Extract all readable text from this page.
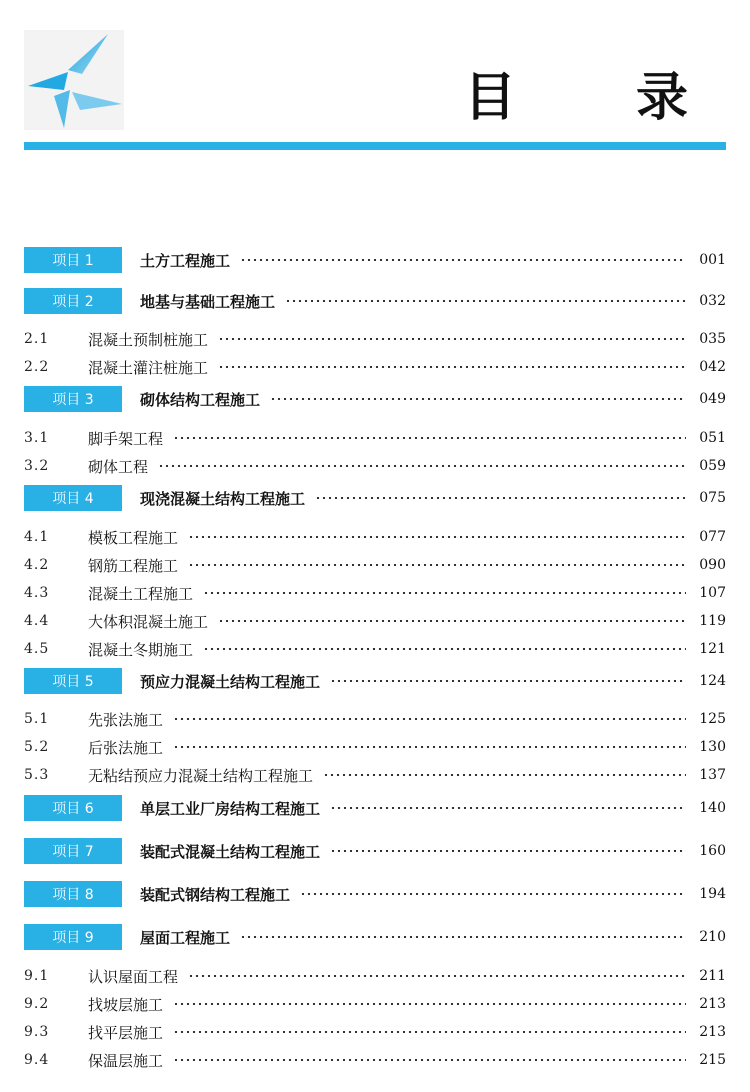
目　录
项目 1	土方工程施工	001
项目 2	地基与基础工程施工	032
2.1	混凝土预制桩施工	035
2.2	混凝土灌注桩施工	042
项目 3	砌体结构工程施工	049
3.1	脚手架工程	051
3.2	砌体工程	059
项目 4	现浇混凝土结构工程施工	075
4.1	模板工程施工	077
4.2	钢筋工程施工	090
4.3	混凝土工程施工	107
4.4	大体积混凝土施工	119
4.5	混凝土冬期施工	121
项目 5	预应力混凝土结构工程施工	124
5.1	先张法施工	125
5.2	后张法施工	130
5.3	无粘结预应力混凝土结构工程施工	137
项目 6	单层工业厂房结构工程施工	140
项目 7	装配式混凝土结构工程施工	160
项目 8	装配式钢结构工程施工	194
项目 9	屋面工程施工	210
9.1	认识屋面工程	211
9.2	找坡层施工	213
9.3	找平层施工	213
9.4	保温层施工	215
